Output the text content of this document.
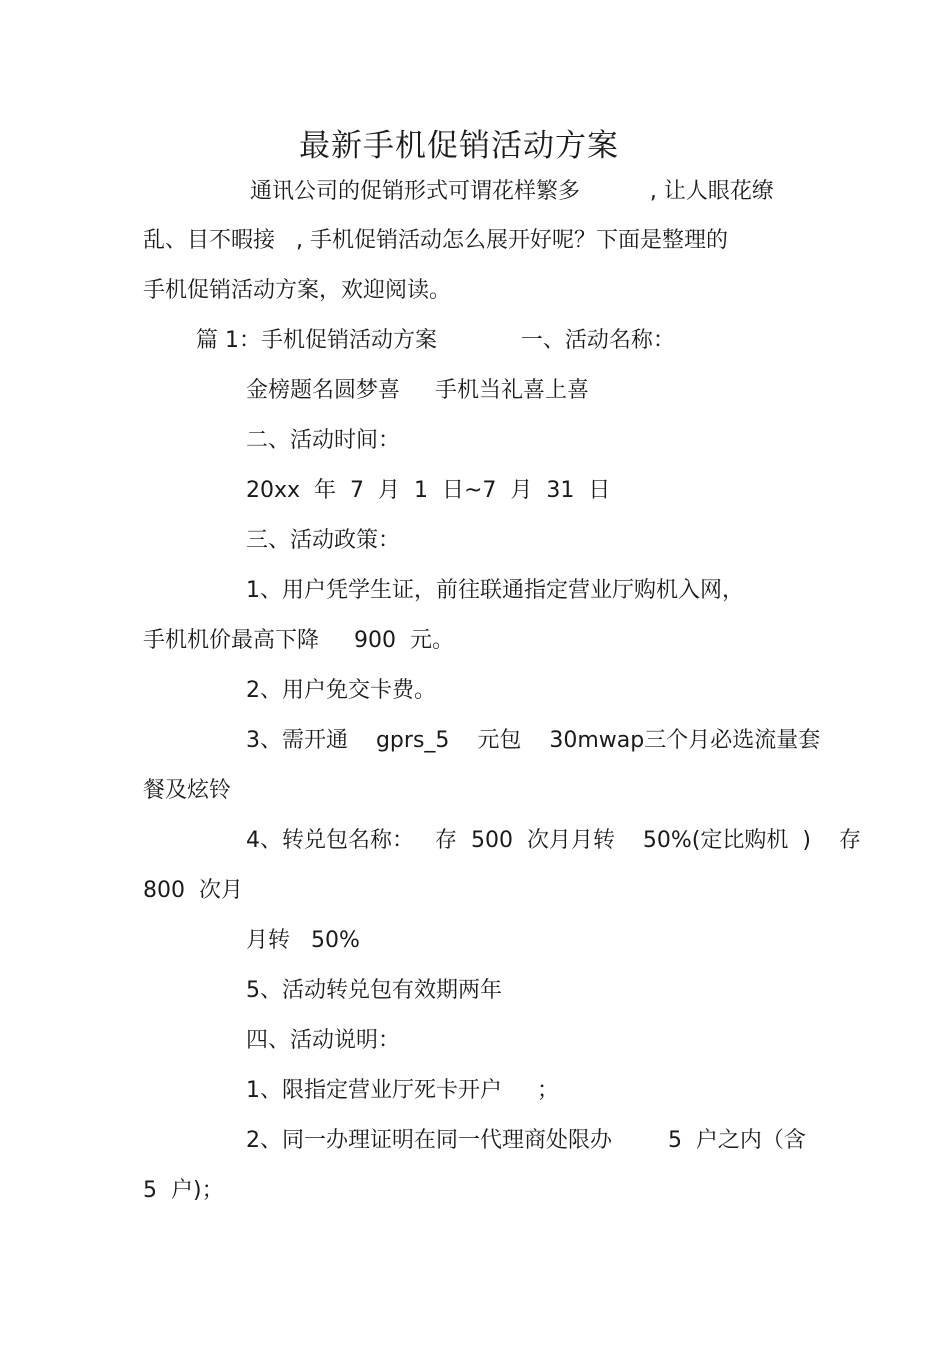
最新手机促销活动方案
通讯公司的促销形式可谓花样繁多          , 让人眼花缭
乱、目不暇接   , 手机促销活动怎么展开好呢？下面是整理的
手机促销活动方案，欢迎阅读。
篇 1：手机促销活动方案            一、活动名称：
金榜题名圆梦喜     手机当礼喜上喜
二、活动时间：
20xx  年  7  月  1  日~7  月  31  日
三、活动政策：
1、用户凭学生证，前往联通指定营业厅购机入网，
手机机价最高下降     900  元。
2、用户免交卡费。
3、需开通    gprs_5    元包    30mwap三个月必选流量套
餐及炫铃
4、转兑包名称：   存  500  次月月转    50%(定比购机  )    存
800  次月
月转   50%
5、活动转兑包有效期两年
四、活动说明：
1、限指定营业厅死卡开户     ；
2、同一办理证明在同一代理商处限办        5  户之内（含
5  户)；
